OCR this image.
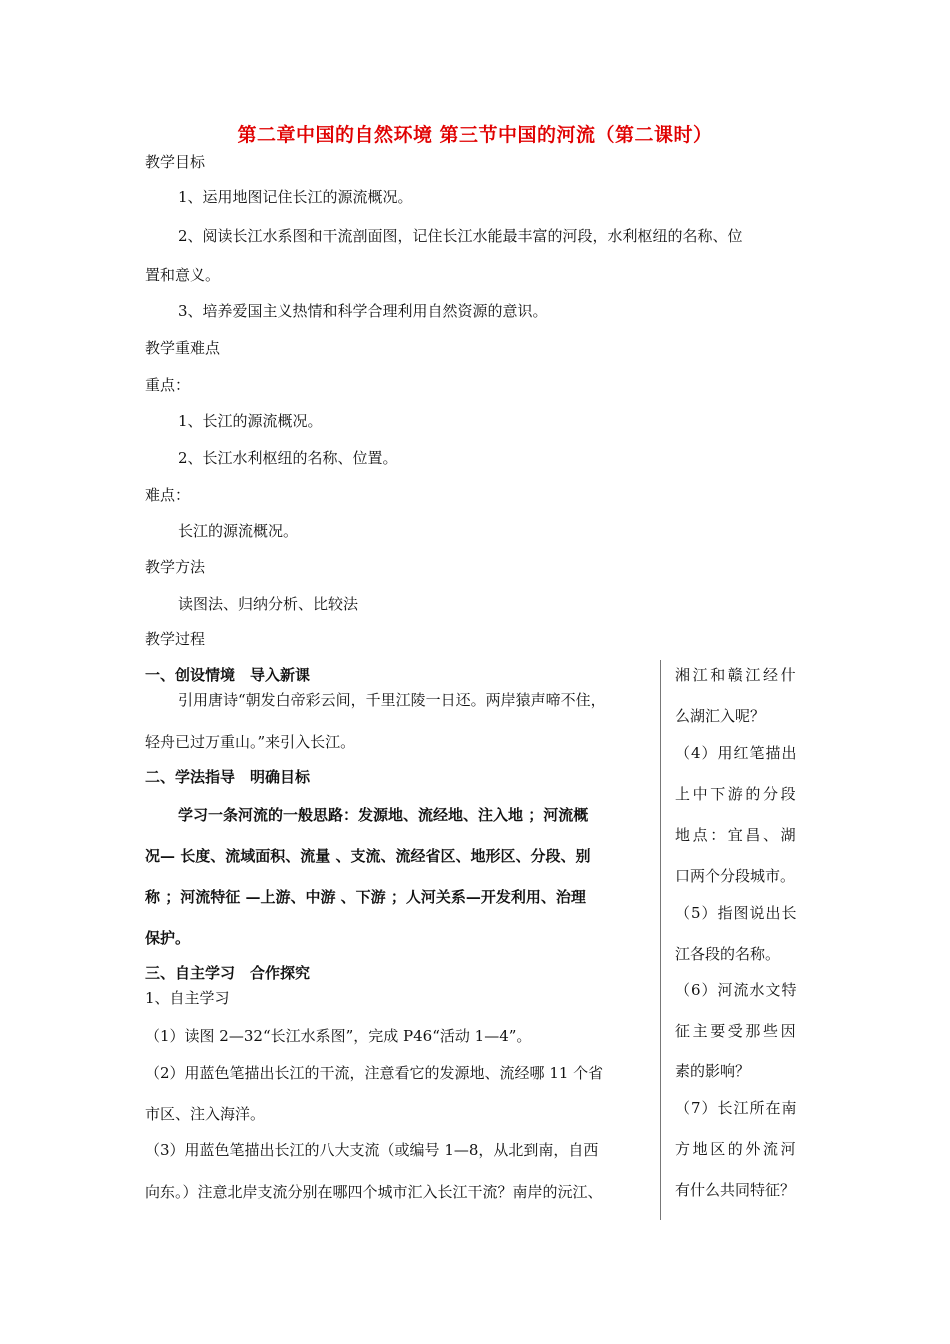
第二章中国的自然环境 第三节中国的河流（第二课时）
教学目标
1、运用地图记住长江的源流概况。
2、阅读长江水系图和干流剖面图，记住长江水能最丰富的河段，水利枢纽的名称、位
置和意义。
3、培养爱国主义热情和科学合理利用自然资源的意识。
教学重难点
重点：
1、长江的源流概况。
2、长江水利枢纽的名称、位置。
难点：
长江的源流概况。
教学方法
读图法、归纳分析、比较法
教学过程
一、创设情境　导入新课
引用唐诗“朝发白帝彩云间，千里江陵一日还。两岸猿声啼不住，
轻舟已过万重山。”来引入长江。
二、学法指导　明确目标
学习一条河流的一般思路：发源地、流经地、注入地 ；河流概
况— 长度、流域面积、流量 、支流、流经省区、地形区、分段、别
称 ；河流特征 —上游、中游 、下游 ；人河关系—开发利用、治理
保护。
三、自主学习　合作探究
1、自主学习
（1）读图 2—32“长江水系图”，完成 P46“活动 1—4”。
（2）用蓝色笔描出长江的干流，注意看它的发源地、流经哪 11 个省
市区、注入海洋。
（3）用蓝色笔描出长江的八大支流（或编号 1—8，从北到南，自西
向东。）注意北岸支流分别在哪四个城市汇入长江干流？南岸的沅江、
湘江和赣江经什
么湖汇入呢？
（4）用红笔描出
上中下游的分段
地点：宜昌、湖
口两个分段城市。
（5）指图说出长
江各段的名称。
（6）河流水文特
征主要受那些因
素的影响？
（7）长江所在南
方地区的外流河
有什么共同特征？
